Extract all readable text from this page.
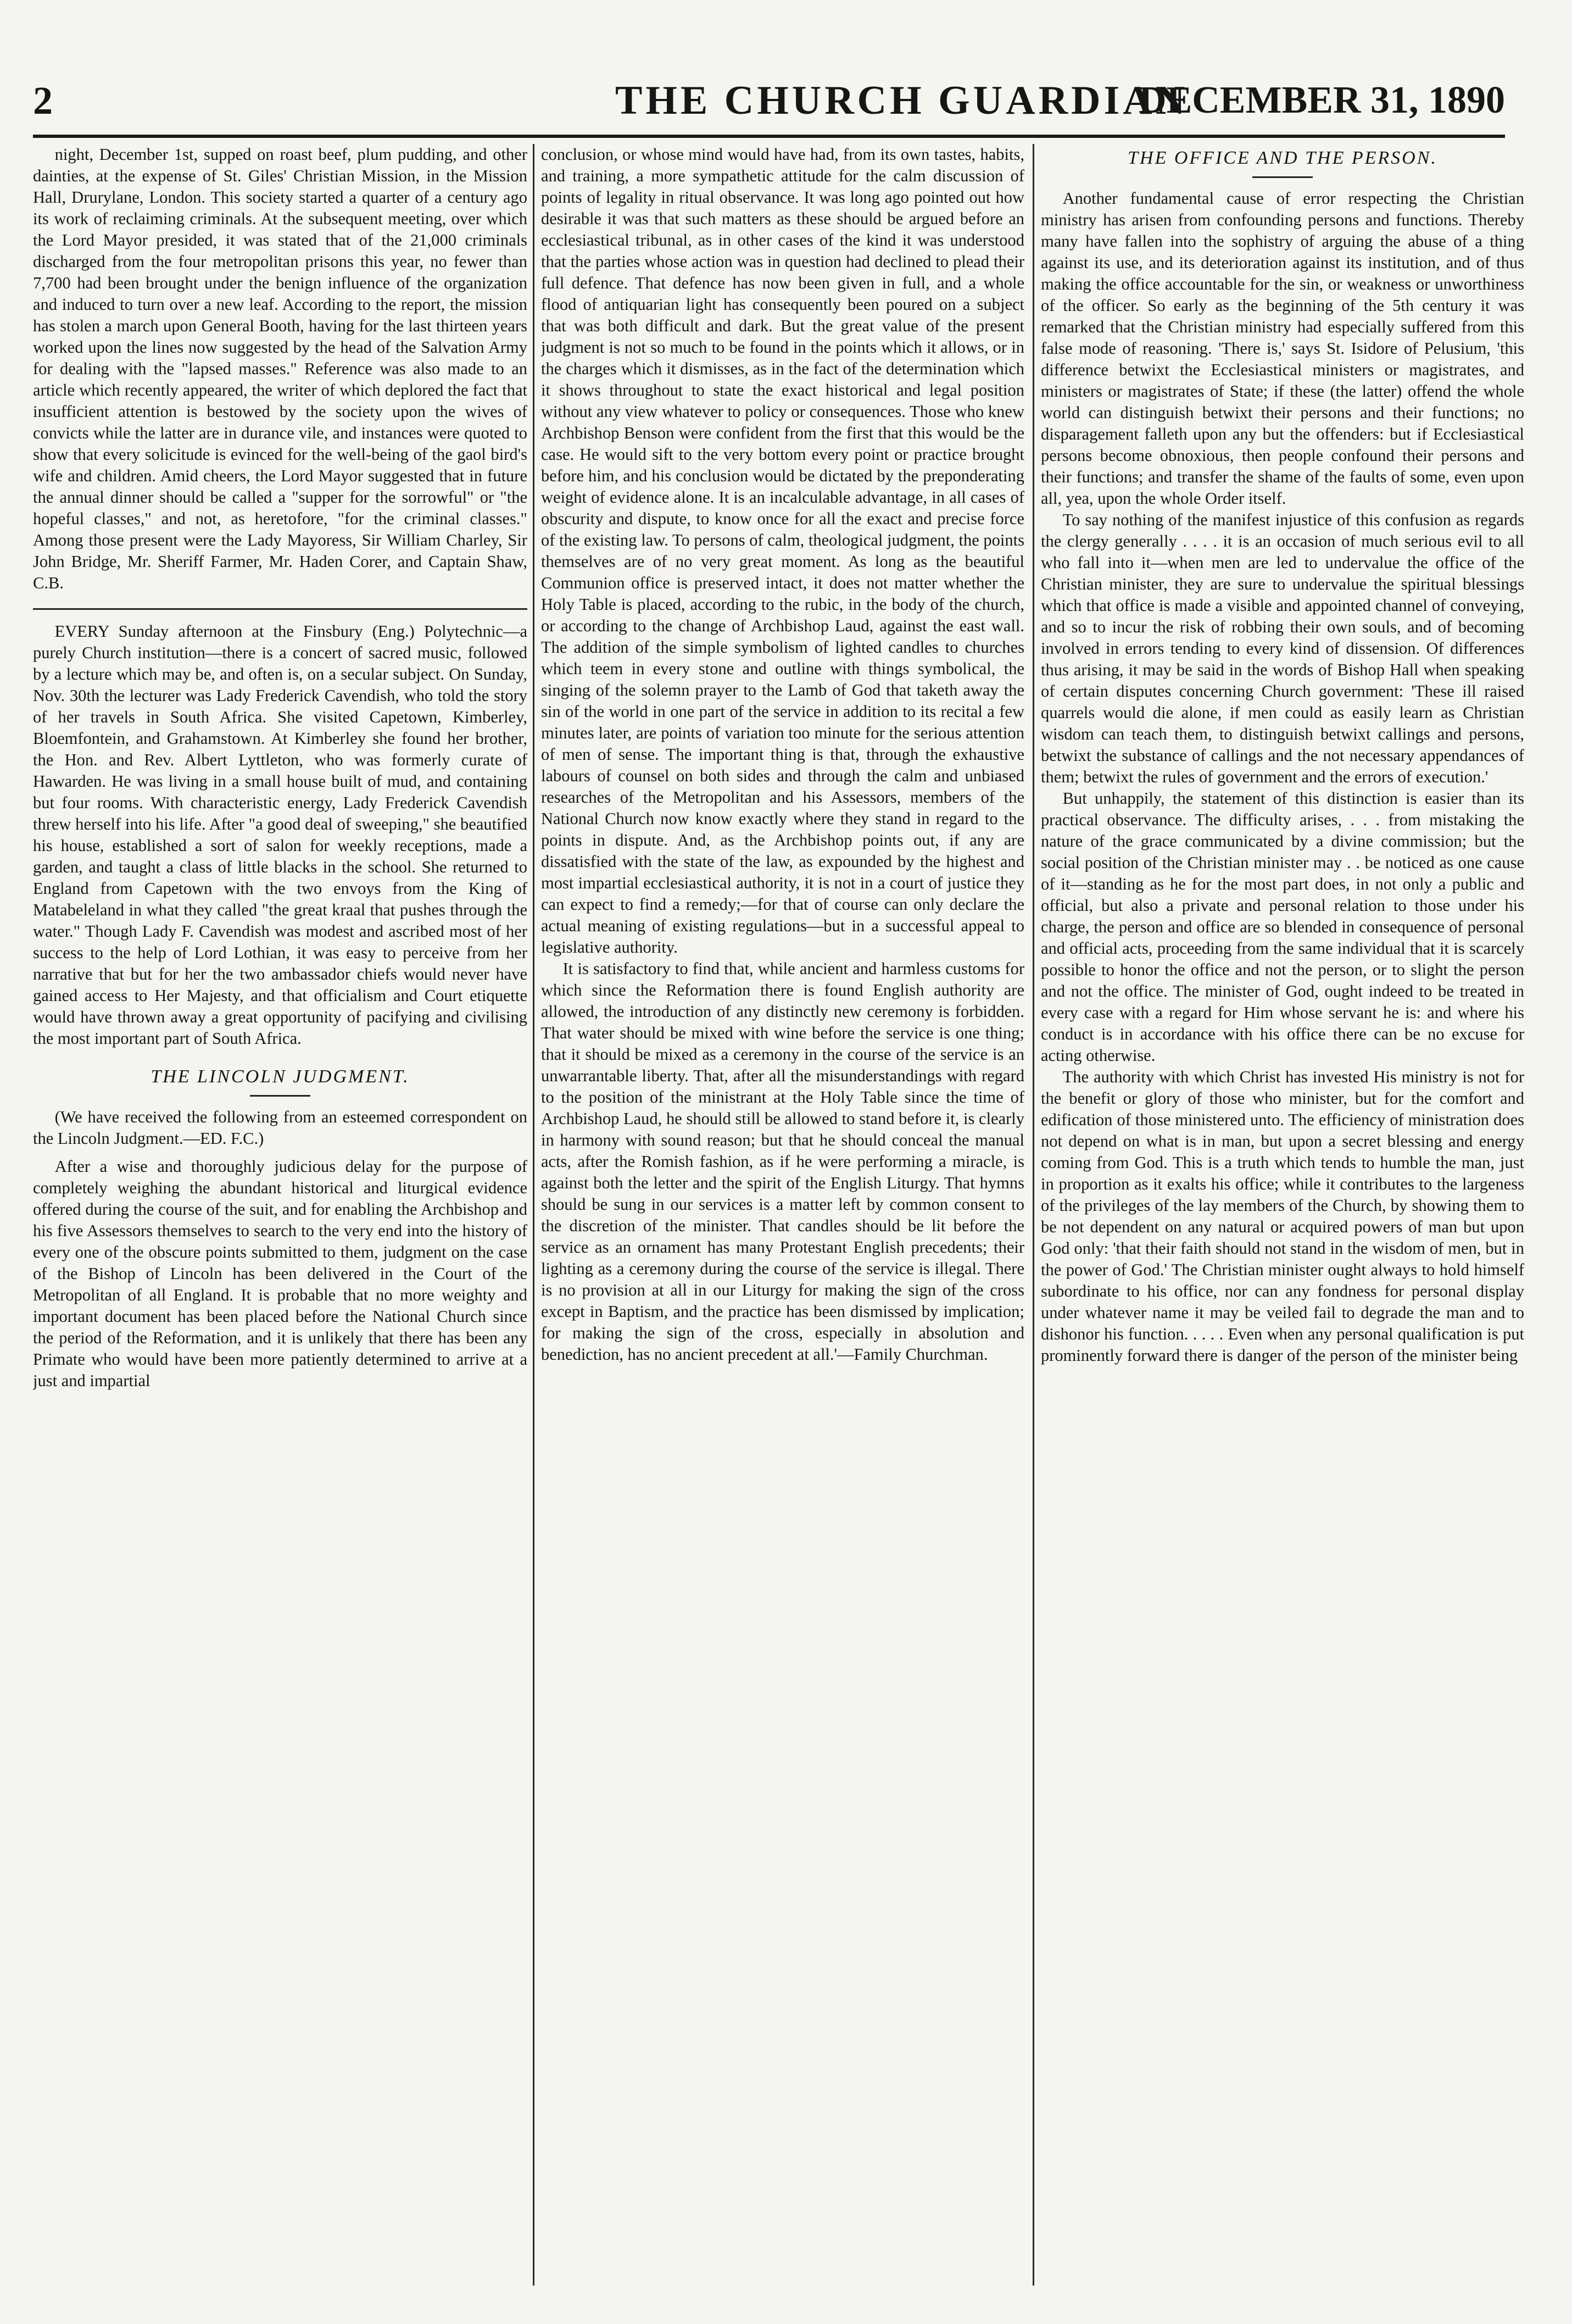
2	THE CHURCH GUARDIAN
DECEMBER 31, 1890

night, December 1st, supped on roast beef, plum pudding, and other dainties, at the expense of St. Giles' Christian Mission, in the Mission Hall, Drurylane, London. This society started a quarter of a century ago its work of reclaiming criminals. At the subsequent meeting, over which the Lord Mayor presided, it was stated that of the 21,000 criminals discharged from the four metropolitan prisons this year, no fewer than 7,700 had been brought under the benign influence of the organization and induced to turn over a new leaf. According to the report, the mission has stolen a march upon General Booth, having for the last thirteen years worked upon the lines now suggested by the head of the Salvation Army for dealing with the "lapsed masses." Reference was also made to an article which recently appeared, the writer of which deplored the fact that insufficient attention is bestowed by the society upon the wives of convicts while the latter are in durance vile, and instances were quoted to show that every solicitude is evinced for the well-being of the gaol bird's wife and children. Amid cheers, the Lord Mayor suggested that in future the annual dinner should be called a "supper for the sorrowful" or "the hopeful classes," and not, as heretofore, "for the criminal classes." Among those present were the Lady Mayoress, Sir William Charley, Sir John Bridge, Mr. Sheriff Farmer, Mr. Haden Corer, and Captain Shaw, C.B.

EVERY Sunday afternoon at the Finsbury (Eng.) Polytechnic—a purely Church institution—there is a concert of sacred music, followed by a lecture which may be, and often is, on a secular subject. On Sunday, Nov. 30th the lecturer was Lady Frederick Cavendish, who told the story of her travels in South Africa. She visited Capetown, Kimberley, Bloemfontein, and Grahamstown. At Kimberley she found her brother, the Hon. and Rev. Albert Lyttleton, who was formerly curate of Hawarden. He was living in a small house built of mud, and containing but four rooms. With characteristic energy, Lady Frederick Cavendish threw herself into his life. After "a good deal of sweeping," she beautified his house, established a sort of salon for weekly receptions, made a garden, and taught a class of little blacks in the school. She returned to England from Capetown with the two envoys from the King of Matabeleland in what they called "the great kraal that pushes through the water." Though Lady F. Cavendish was modest and ascribed most of her success to the help of Lord Lothian, it was easy to perceive from her narrative that but for her the two ambassador chiefs would never have gained access to Her Majesty, and that officialism and Court etiquette would have thrown away a great opportunity of pacifying and civilising the most important part of South Africa.

THE LINCOLN JUDGMENT.

(We have received the following from an esteemed correspondent on the Lincoln Judgment.—ED. F.C.)

After a wise and thoroughly judicious delay for the purpose of completely weighing the abundant historical and liturgical evidence offered during the course of the suit, and for enabling the Archbishop and his five Assessors themselves to search to the very end into the history of every one of the obscure points submitted to them, judgment on the case of the Bishop of Lincoln has been delivered in the Court of the Metropolitan of all England. It is probable that no more weighty and important document has been placed before the National Church since the period of the Reformation, and it is unlikely that there has been any Primate who would have been more patiently determined to arrive at a just and impartial

conclusion, or whose mind would have had, from its own tastes, habits, and training, a more sympathetic attitude for the calm discussion of points of legality in ritual observance. It was long ago pointed out how desirable it was that such matters as these should be argued before an ecclesiastical tribunal, as in other cases of the kind it was understood that the parties whose action was in question had declined to plead their full defence. That defence has now been given in full, and a whole flood of antiquarian light has consequently been poured on a subject that was both difficult and dark. But the great value of the present judgment is not so much to be found in the points which it allows, or in the charges which it dismisses, as in the fact of the determination which it shows throughout to state the exact historical and legal position without any view whatever to policy or consequences. Those who knew Archbishop Benson were confident from the first that this would be the case. He would sift to the very bottom every point or practice brought before him, and his conclusion would be dictated by the preponderating weight of evidence alone. It is an incalculable advantage, in all cases of obscurity and dispute, to know once for all the exact and precise force of the existing law. To persons of calm, theological judgment, the points themselves are of no very great moment. As long as the beautiful Communion office is preserved intact, it does not matter whether the Holy Table is placed, according to the rubic, in the body of the church, or according to the change of Archbishop Laud, against the east wall. The addition of the simple symbolism of lighted candles to churches which teem in every stone and outline with things symbolical, the singing of the solemn prayer to the Lamb of God that taketh away the sin of the world in one part of the service in addition to its recital a few minutes later, are points of variation too minute for the serious attention of men of sense. The important thing is that, through the exhaustive labours of counsel on both sides and through the calm and unbiased researches of the Metropolitan and his Assessors, members of the National Church now know exactly where they stand in regard to the points in dispute. And, as the Archbishop points out, if any are dissatisfied with the state of the law, as expounded by the highest and most impartial ecclesiastical authority, it is not in a court of justice they can expect to find a remedy;—for that of course can only declare the actual meaning of existing regulations—but in a successful appeal to legislative authority.

It is satisfactory to find that, while ancient and harmless customs for which since the Reformation there is found English authority are allowed, the introduction of any distinctly new ceremony is forbidden. That water should be mixed with wine before the service is one thing; that it should be mixed as a ceremony in the course of the service is an unwarrantable liberty. That, after all the misunderstandings with regard to the position of the ministrant at the Holy Table since the time of Archbishop Laud, he should still be allowed to stand before it, is clearly in harmony with sound reason; but that he should conceal the manual acts, after the Romish fashion, as if he were performing a miracle, is against both the letter and the spirit of the English Liturgy. That hymns should be sung in our services is a matter left by common consent to the discretion of the minister. That candles should be lit before the service as an ornament has many Protestant English precedents; their lighting as a ceremony during the course of the service is illegal. There is no provision at all in our Liturgy for making the sign of the cross except in Baptism, and the practice has been dismissed by implication; for making the sign of the cross, especially in absolution and benediction, has no ancient precedent at all.'—Family Churchman.

THE OFFICE AND THE PERSON.

Another fundamental cause of error respecting the Christian ministry has arisen from confounding persons and functions. Thereby many have fallen into the sophistry of arguing the abuse of a thing against its use, and its deterioration against its institution, and of thus making the office accountable for the sin, or weakness or unworthiness of the officer. So early as the beginning of the 5th century it was remarked that the Christian ministry had especially suffered from this false mode of reasoning. 'There is,' says St. Isidore of Pelusium, 'this difference betwixt the Ecclesiastical ministers or magistrates, and ministers or magistrates of State; if these (the latter) offend the whole world can distinguish betwixt their persons and their functions; no disparagement falleth upon any but the offenders: but if Ecclesiastical persons become obnoxious, then people confound their persons and their functions; and transfer the shame of the faults of some, even upon all, yea, upon the whole Order itself.

To say nothing of the manifest injustice of this confusion as regards the clergy generally . . . . it is an occasion of much serious evil to all who fall into it—when men are led to undervalue the office of the Christian minister, they are sure to undervalue the spiritual blessings which that office is made a visible and appointed channel of conveying, and so to incur the risk of robbing their own souls, and of becoming involved in errors tending to every kind of dissension. Of differences thus arising, it may be said in the words of Bishop Hall when speaking of certain disputes concerning Church government: 'These ill raised quarrels would die alone, if men could as easily learn as Christian wisdom can teach them, to distinguish betwixt callings and persons, betwixt the substance of callings and the not necessary appendances of them; betwixt the rules of government and the errors of execution.'

But unhappily, the statement of this distinction is easier than its practical observance. The difficulty arises, . . . from mistaking the nature of the grace communicated by a divine commission; but the social position of the Christian minister may . . be noticed as one cause of it—standing as he for the most part does, in not only a public and official, but also a private and personal relation to those under his charge, the person and office are so blended in consequence of personal and official acts, proceeding from the same individual that it is scarcely possible to honor the office and not the person, or to slight the person and not the office. The minister of God, ought indeed to be treated in every case with a regard for Him whose servant he is: and where his conduct is in accordance with his office there can be no excuse for acting otherwise.

The authority with which Christ has invested His ministry is not for the benefit or glory of those who minister, but for the comfort and edification of those ministered unto. The efficiency of ministration does not depend on what is in man, but upon a secret blessing and energy coming from God. This is a truth which tends to humble the man, just in proportion as it exalts his office; while it contributes to the largeness of the privileges of the lay members of the Church, by showing them to be not dependent on any natural or acquired powers of man but upon God only: 'that their faith should not stand in the wisdom of men, but in the power of God.' The Christian minister ought always to hold himself subordinate to his office, nor can any fondness for personal display under whatever name it may be veiled fail to degrade the man and to dishonor his function. . . . . Even when any personal qualification is put prominently forward there is danger of the person of the minister being
